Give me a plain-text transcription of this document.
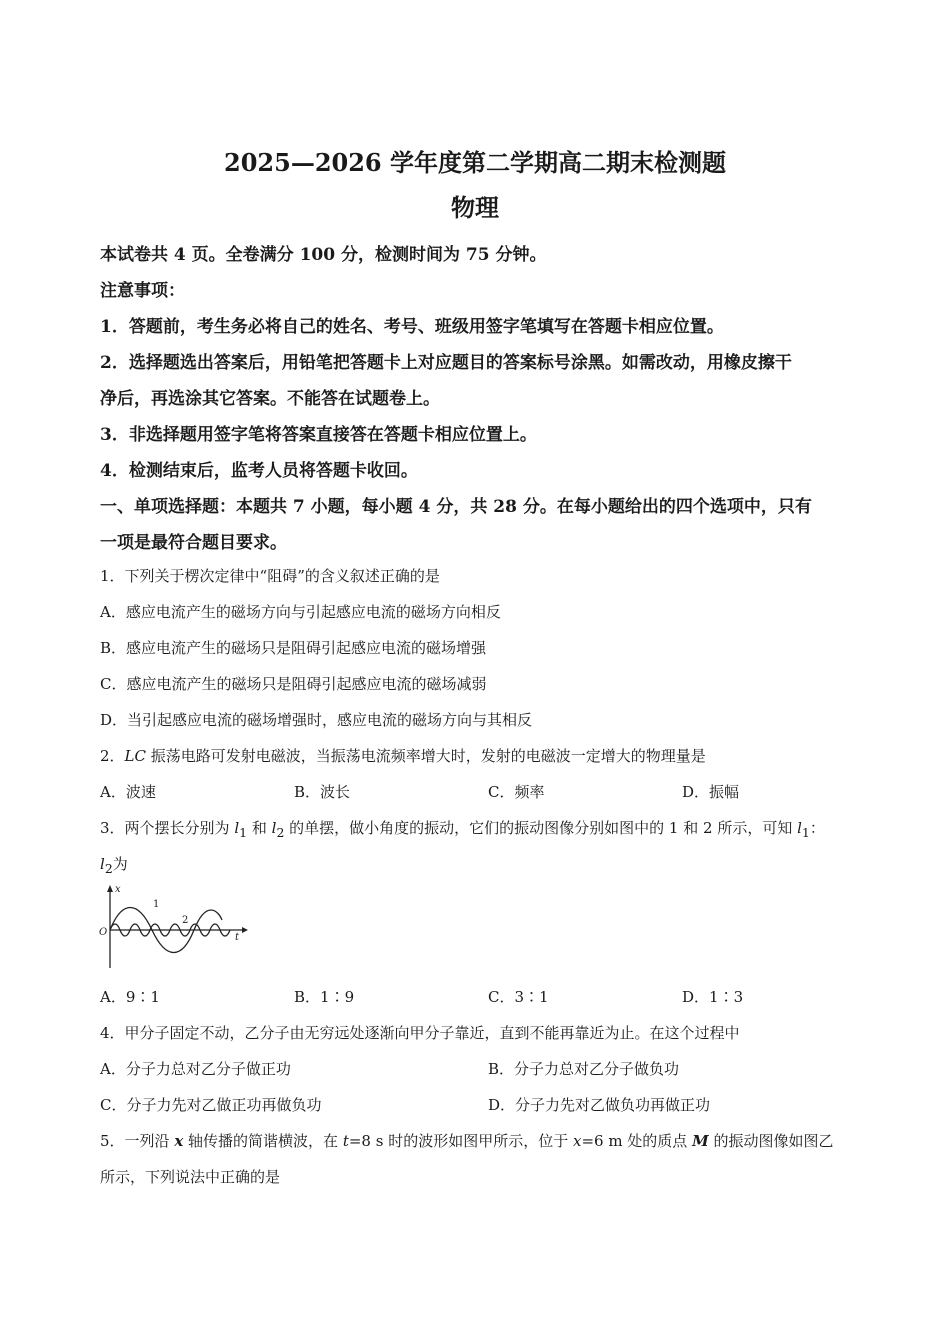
2025—2026 学年度第二学期高二期末检测题
物理
本试卷共 4 页。全卷满分 100 分，检测时间为 75 分钟。
注意事项：
1．答题前，考生务必将自己的姓名、考号、班级用签字笔填写在答题卡相应位置。
2．选择题选出答案后，用铅笔把答题卡上对应题目的答案标号涂黑。如需改动，用橡皮擦干
净后，再选涂其它答案。不能答在试题卷上。
3．非选择题用签字笔将答案直接答在答题卡相应位置上。
4．检测结束后，监考人员将答题卡收回。
一、单项选择题：本题共 7 小题，每小题 4 分，共 28 分。在每小题给出的四个选项中，只有
一项是最符合题目要求。
1．下列关于楞次定律中“阻碍”的含义叙述正确的是
A．感应电流产生的磁场方向与引起感应电流的磁场方向相反
B．感应电流产生的磁场只是阻碍引起感应电流的磁场增强
C．感应电流产生的磁场只是阻碍引起感应电流的磁场减弱
D．当引起感应电流的磁场增强时，感应电流的磁场方向与其相反
2．LC 振荡电路可发射电磁波，当振荡电流频率增大时，发射的电磁波一定增大的物理量是
A．波速	B．波长	C．频率	D．振幅
3．两个摆长分别为 $l_1$ 和 $l_2$ 的单摆，做小角度的振动，它们的振动图像分别如图中的 1 和 2 所示，可知 $l_1$：
$l_2$为
x
t
O
1
2
A．9∶1	B．1∶9	C．3∶1	D．1∶3
4．甲分子固定不动，乙分子由无穷远处逐渐向甲分子靠近，直到不能再靠近为止。在这个过程中
A．分子力总对乙分子做正功	B．分子力总对乙分子做负功
C．分子力先对乙做正功再做负功	D．分子力先对乙做负功再做正功
5．一列沿 x 轴传播的简谐横波，在 t=8 s 时的波形如图甲所示，位于 x=6 m 处的质点 M 的振动图像如图乙
所示，下列说法中正确的是
